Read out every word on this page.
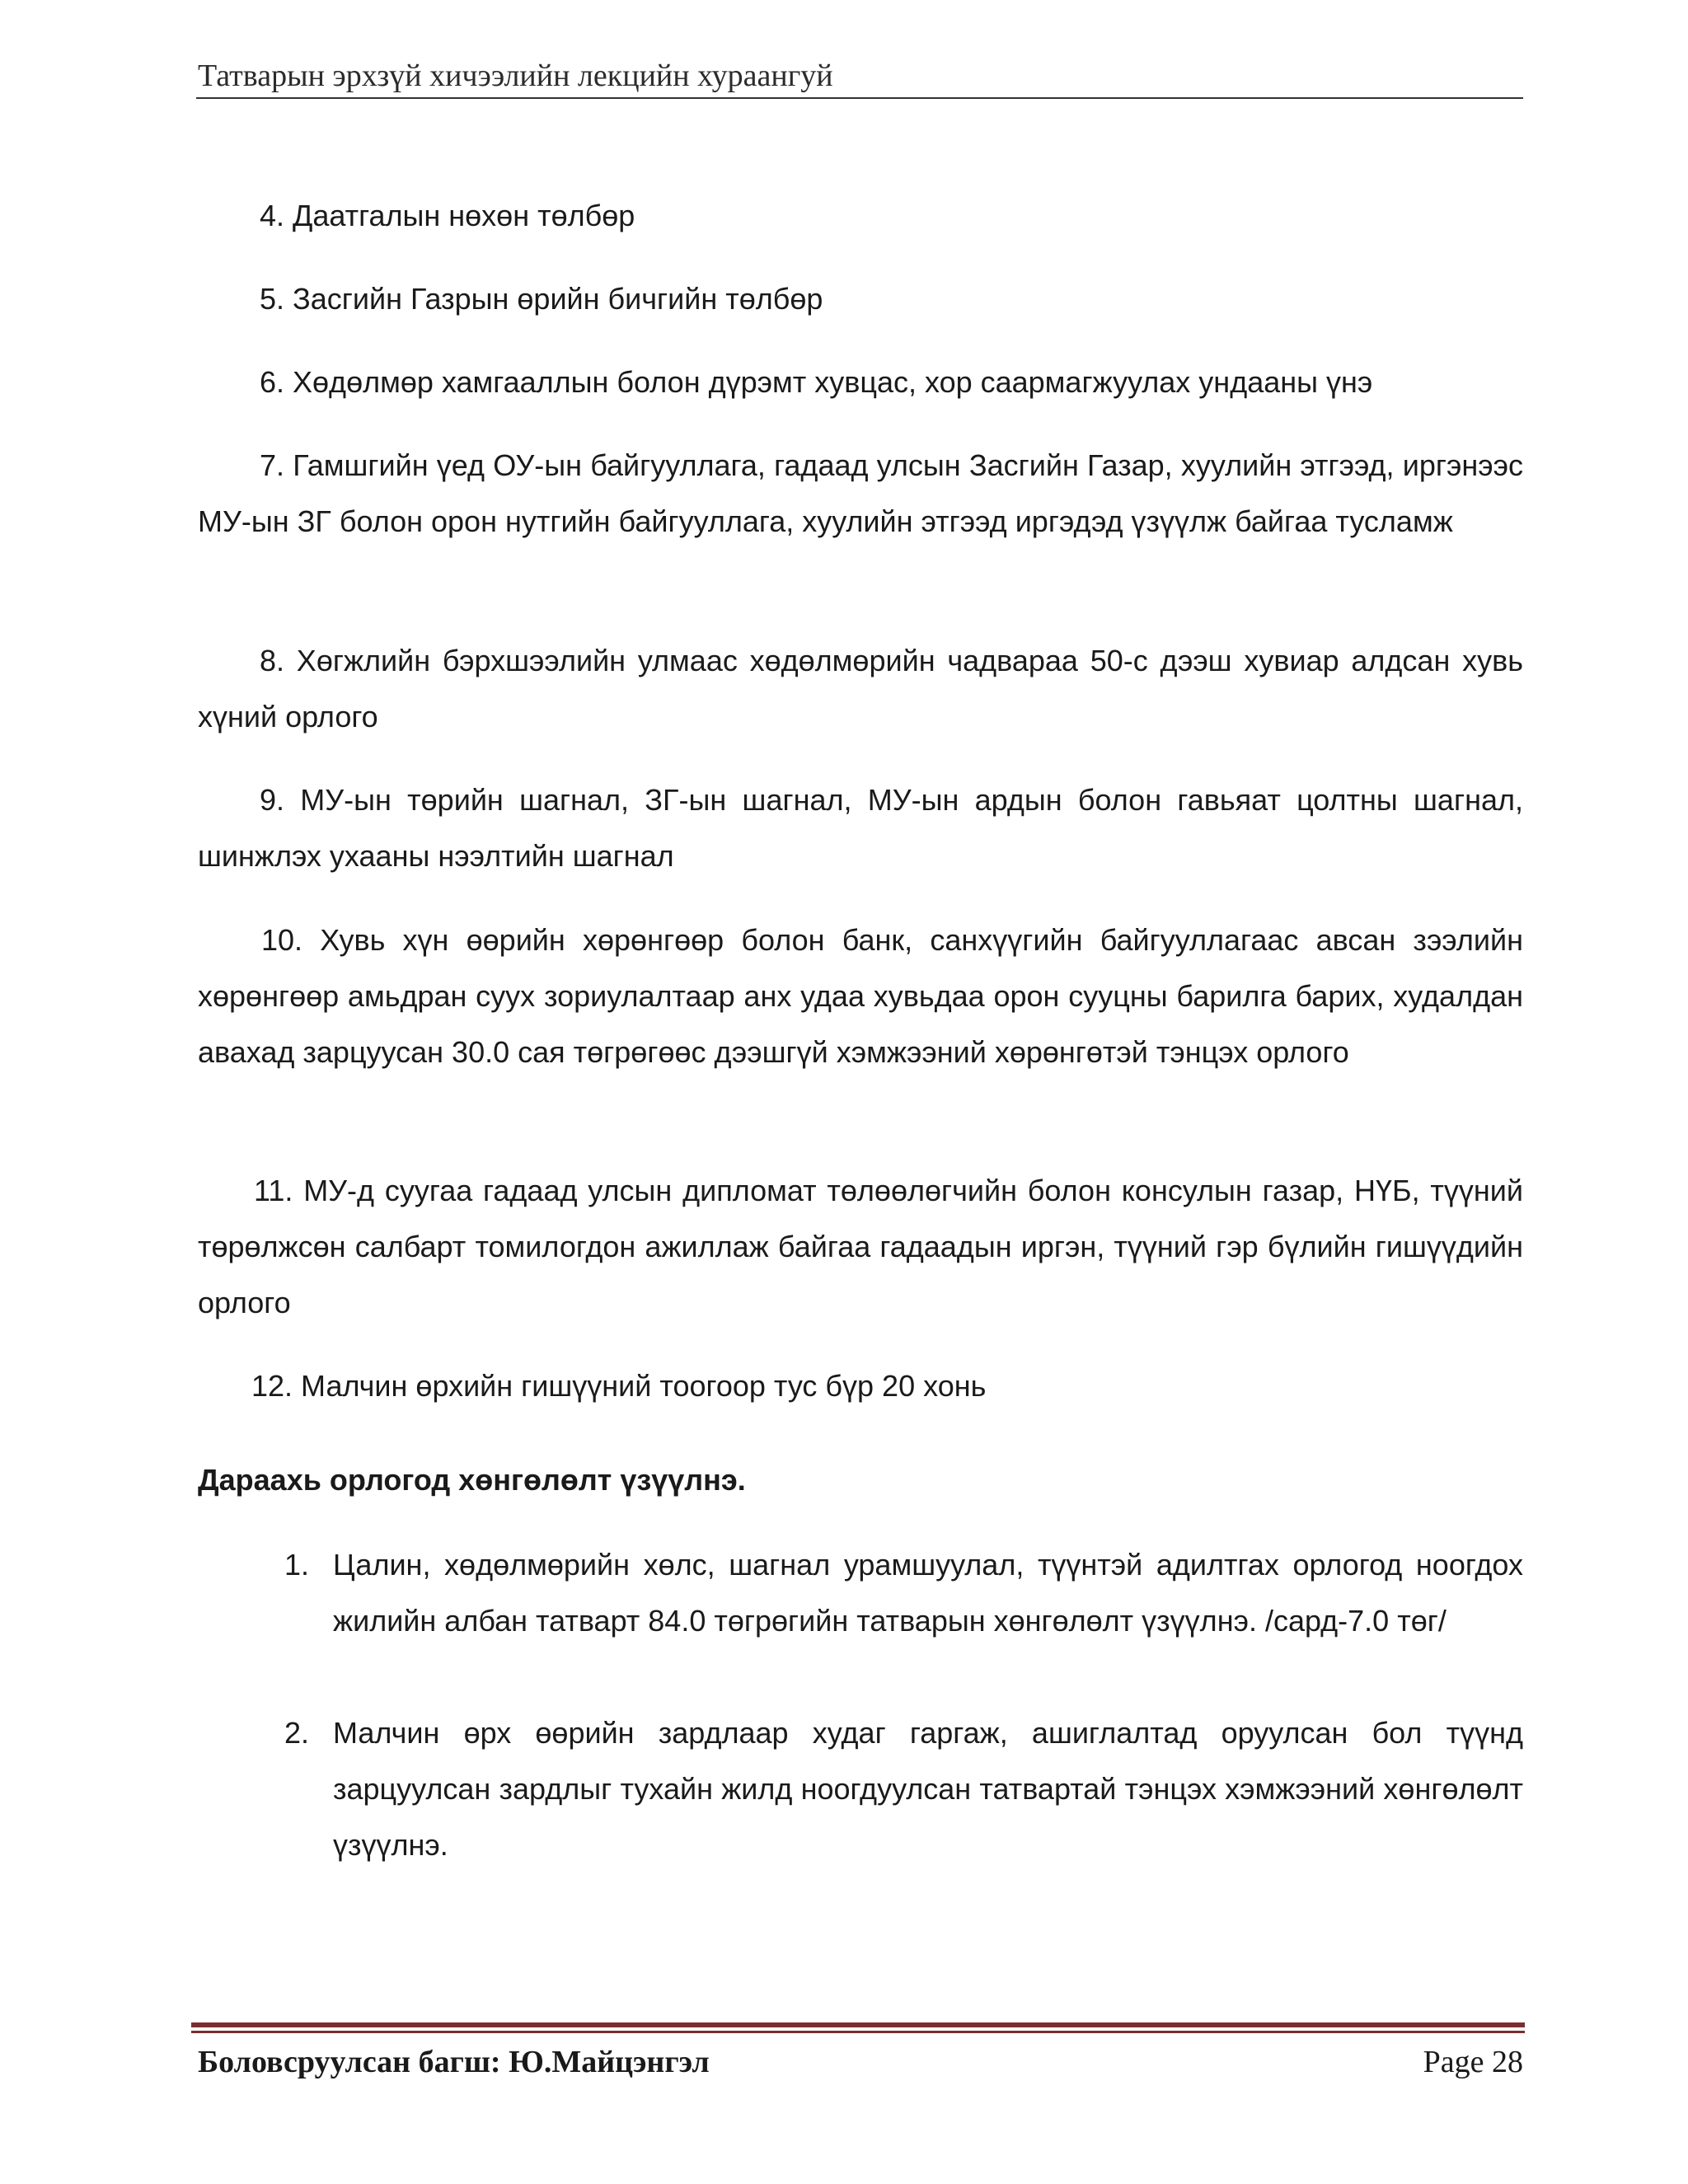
Татварын эрхзүй хичээлийн лекцийн хураангуй

4. Даатгалын нөхөн төлбөр

5. Засгийн Газрын өрийн бичгийн төлбөр

6. Хөдөлмөр хамгааллын болон дүрэмт хувцас, хор саармагжуулах ундааны үнэ

7. Гамшгийн үед ОУ-ын байгууллага, гадаад улсын Засгийн Газар, хуулийн этгээд, иргэнээс МУ-ын ЗГ болон орон нутгийн байгууллага, хуулийн этгээд иргэдэд үзүүлж байгаа тусламж

8. Хөгжлийн бэрхшээлийн улмаас хөдөлмөрийн чадвараа 50-с дээш хувиар алдсан хувь хүний орлого

9. МУ-ын төрийн шагнал, ЗГ-ын шагнал, МУ-ын ардын болон гавьяат цолтны шагнал, шинжлэх ухааны нээлтийн шагнал

10. Хувь хүн өөрийн хөрөнгөөр болон банк, санхүүгийн байгууллагаас авсан зээлийн хөрөнгөөр амьдран суух зориулалтаар анх удаа хувьдаа орон сууцны барилга барих, худалдан авахад зарцуусан 30.0 сая төгрөгөөс дээшгүй хэмжээний хөрөнгөтэй тэнцэх орлого

11. МУ-д суугаа гадаад улсын дипломат төлөөлөгчийн болон консулын газар, НҮБ, түүний төрөлжсөн салбарт томилогдон ажиллаж байгаа гадаадын иргэн, түүний гэр бүлийн гишүүдийн орлого

12. Малчин өрхийн гишүүний тоогоор тус бүр 20 хонь

Дараахь орлогод хөнгөлөлт үзүүлнэ.
1. Цалин, хөдөлмөрийн хөлс, шагнал урамшуулал, түүнтэй адилтгах орлогод ноогдох жилийн албан татварт 84.0 төгрөгийн татварын хөнгөлөлт үзүүлнэ. /сард-7.0 төг/
2. Малчин өрх өөрийн зардлаар худаг гаргаж, ашиглалтад оруулсан бол түүнд зарцуулсан зардлыг тухайн жилд ноогдуулсан татвартай тэнцэх хэмжээний хөнгөлөлт үзүүлнэ.
Боловсруулсан багш: Ю.Майцэнгэл	Page 28
